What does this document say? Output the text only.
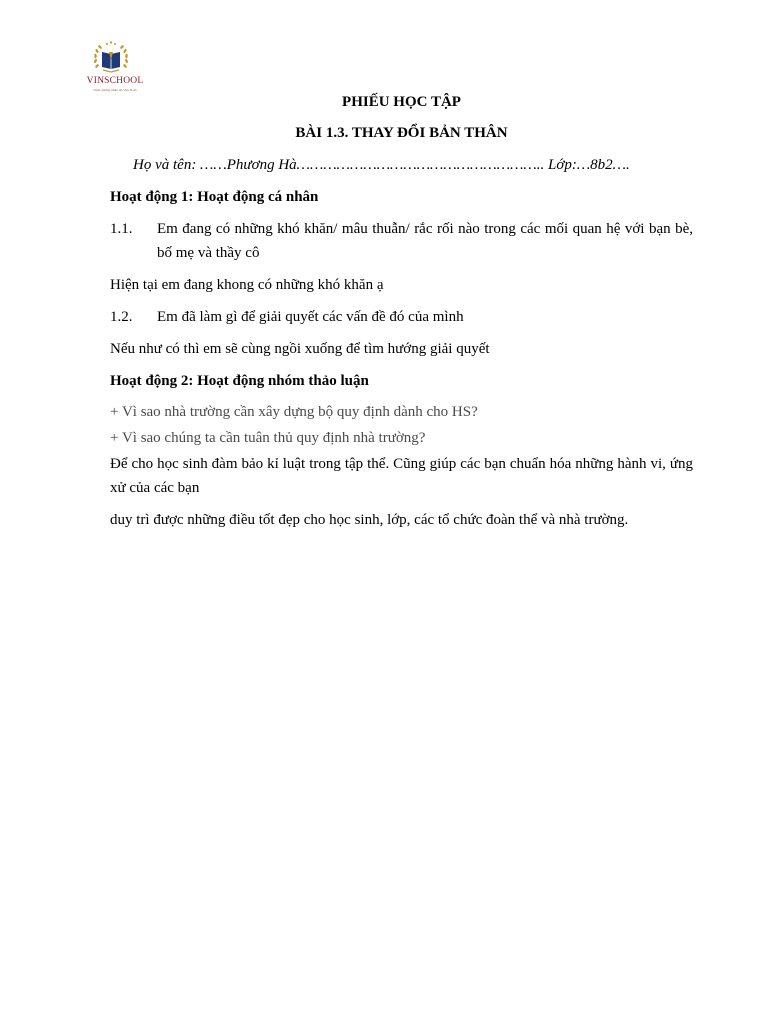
VINSCHOOL
Nuôi dưỡng nhân tài Việt Nam
PHIẾU HỌC TẬP
BÀI 1.3. THAY ĐỔI BẢN THÂN
Họ và tên: ……Phương Hà……………………………………………….. Lớp:…8b2….
Hoạt động 1: Hoạt động cá nhân
1.1. Em đang có những khó khăn/ mâu thuẫn/ rắc rối nào trong các mối quan hệ với bạn bè, bố mẹ và thầy cô
Hiện tại em đang khong có những khó khăn ạ
1.2. Em đã làm gì để giải quyết các vấn đề đó của mình
Nếu như có thì em sẽ cùng ngồi xuống để tìm hướng giải quyết
Hoạt động 2: Hoạt động nhóm thảo luận
+ Vì sao nhà trường cần xây dựng bộ quy định dành cho HS?
+ Vì sao chúng ta cần tuân thủ quy định nhà trường?
Để cho học sinh đàm bảo kỉ luật trong tập thể. Cũng giúp các bạn chuẩn hóa những hành vi, ứng xử của các bạn
duy trì được những điều tốt đẹp cho học sinh, lớp, các tổ chức đoàn thể và nhà trường.
